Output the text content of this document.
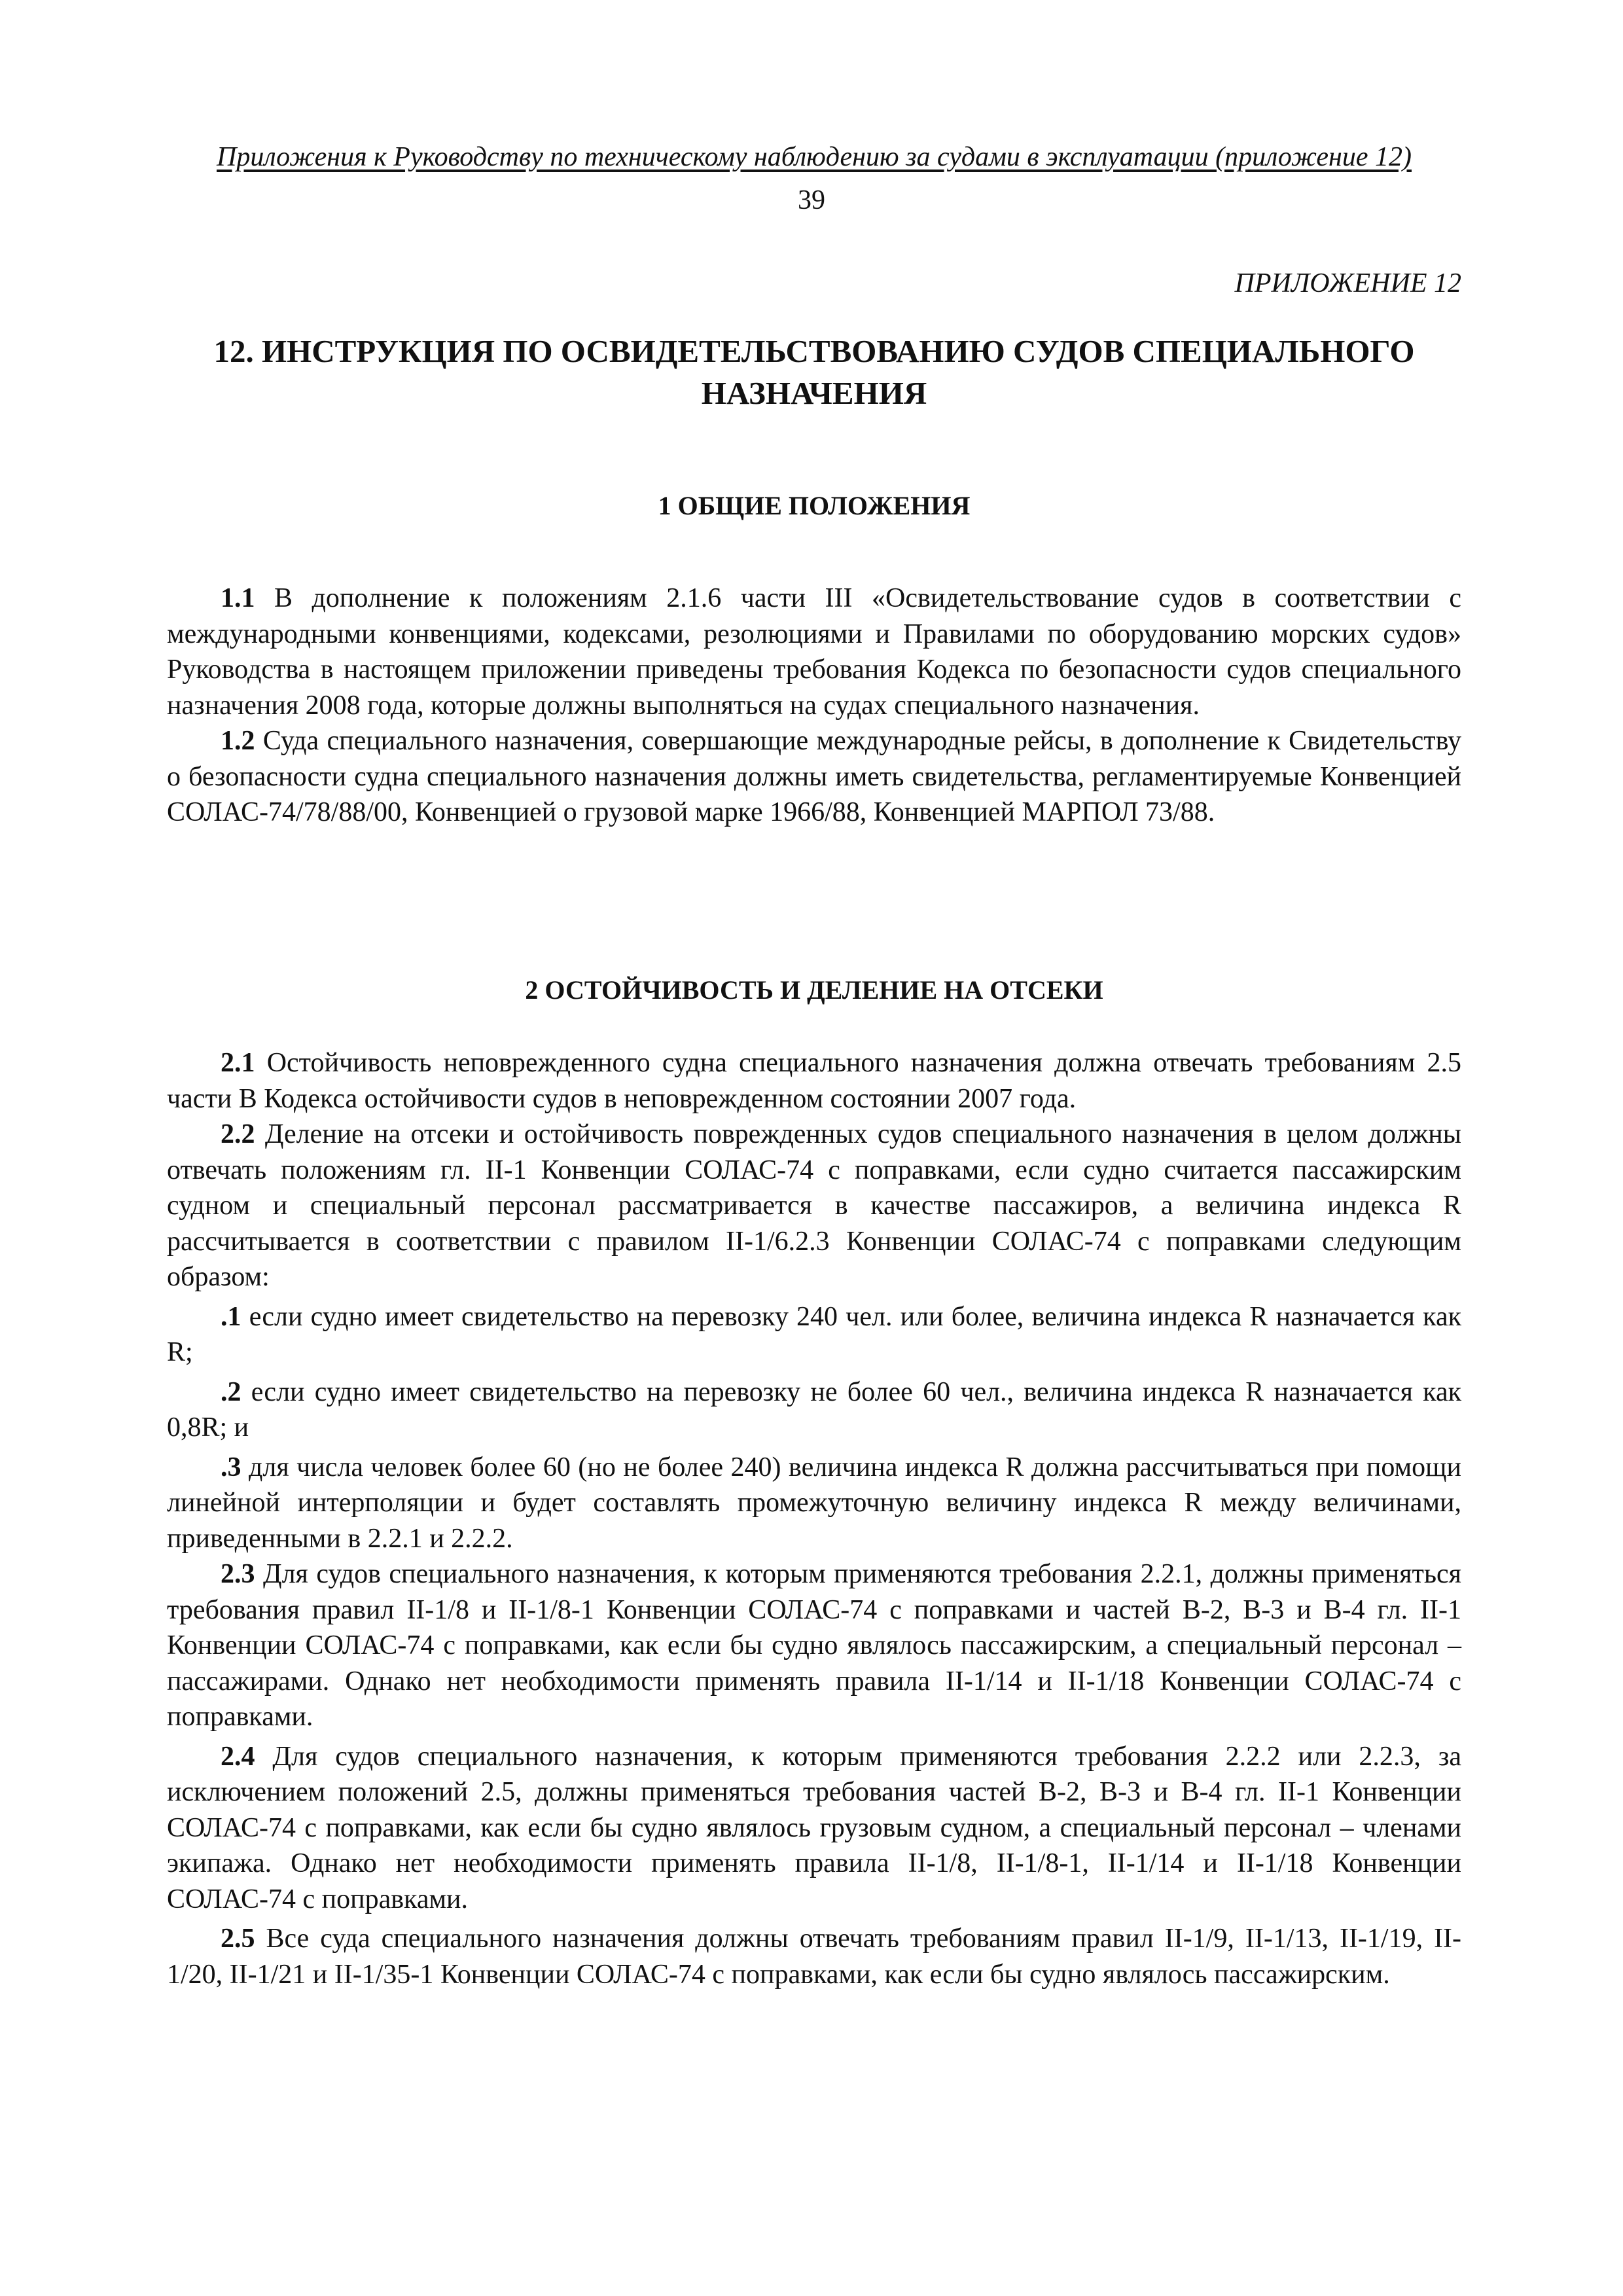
Приложения к Руководству по техническому наблюдению за судами в эксплуатации (приложение 12)
39
ПРИЛОЖЕНИЕ 12
12. ИНСТРУКЦИЯ ПО ОСВИДЕТЕЛЬСТВОВАНИЮ СУДОВ СПЕЦИАЛЬНОГО
НАЗНАЧЕНИЯ
1 ОБЩИЕ ПОЛОЖЕНИЯ

1.1 В дополнение к положениям 2.1.6 части III «Освидетельствование судов в соответствии с международными конвенциями, кодексами, резолюциями и Правилами по оборудованию морских судов» Руководства в настоящем приложении приведены требования Кодекса по безопасности судов специального назначения 2008 года, которые должны выполняться на судах специального назначения.

1.2 Суда специального назначения, совершающие международные рейсы, в дополнение к Свидетельству о безопасности судна специального назначения должны иметь свидетельства, регламентируемые Конвенцией СОЛАС-74/78/88/00, Конвенцией о грузовой марке 1966/88, Конвенцией МАРПОЛ 73/88.

2 ОСТОЙЧИВОСТЬ И ДЕЛЕНИЕ НА ОТСЕКИ

2.1 Остойчивость неповрежденного судна специального назначения должна отвечать требованиям 2.5 части В Кодекса остойчивости судов в неповрежденном состоянии 2007 года.

2.2 Деление на отсеки и остойчивость поврежденных судов специального назначения в целом должны отвечать положениям гл. II-1 Конвенции СОЛАС-74 с поправками, если судно считается пассажирским судном и специальный персонал рассматривается в качестве пассажиров, а величина индекса R рассчитывается в соответствии с правилом II-1/6.2.3 Конвенции СОЛАС-74 с поправками следующим образом:

.1 если судно имеет свидетельство на перевозку 240 чел. или более, величина индекса R назначается как R;

.2 если судно имеет свидетельство на перевозку не более 60 чел., величина индекса R назначается как 0,8R; и

.3 для числа человек более 60 (но не более 240) величина индекса R должна рассчитываться при помощи линейной интерполяции и будет составлять промежуточную величину индекса R между величинами, приведенными в 2.2.1 и 2.2.2.

2.3 Для судов специального назначения, к которым применяются требования 2.2.1, должны применяться требования правил II-1/8 и II-1/8-1 Конвенции СОЛАС-74 с поправками и частей В-2, В-3 и В-4 гл. II-1 Конвенции СОЛАС-74 с поправками, как если бы судно являлось пассажирским, а специальный персонал – пассажирами. Однако нет необходимости применять правила II-1/14 и II-1/18 Конвенции СОЛАС-74 с поправками.

2.4 Для судов специального назначения, к которым применяются требования 2.2.2 или 2.2.3, за исключением положений 2.5, должны применяться требования частей В-2, В-3 и В-4 гл. II-1 Конвенции СОЛАС-74 с поправками, как если бы судно являлось грузовым судном, а специальный персонал – членами экипажа. Однако нет необходимости применять правила II-1/8, II-1/8-1, II-1/14 и II-1/18 Конвенции СОЛАС-74 с поправками.

2.5 Все суда специального назначения должны отвечать требованиям правил II-1/9, II-1/13, II-1/19, II-1/20, II-1/21 и II-1/35-1 Конвенции СОЛАС-74 с поправками, как если бы судно являлось пассажирским.
